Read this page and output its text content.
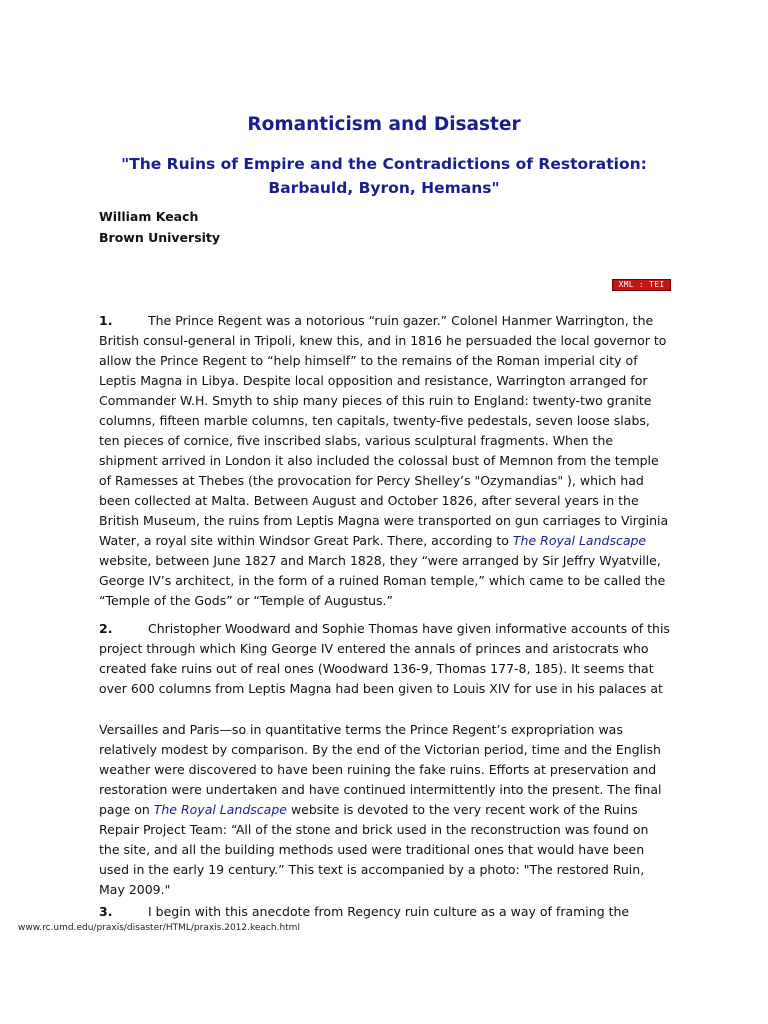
Romanticism and Disaster
"The Ruins of Empire and the Contradictions of Restoration:
Barbauld, Byron, Hemans"

William Keach

Brown University

XML : TEI
1.	The Prince Regent was a notorious “ruin gazer.” Colonel Hanmer Warrington, the
British consul-general in Tripoli, knew this, and in 1816 he persuaded the local governor to
allow the Prince Regent to “help himself” to the remains of the Roman imperial city of
Leptis Magna in Libya. Despite local opposition and resistance, Warrington arranged for
Commander W.H. Smyth to ship many pieces of this ruin to England: twenty-two granite
columns, fifteen marble columns, ten capitals, twenty-five pedestals, seven loose slabs,
ten pieces of cornice, five inscribed slabs, various sculptural fragments. When the
shipment arrived in London it also included the colossal bust of Memnon from the temple
of Ramesses at Thebes (the provocation for Percy Shelley’s "Ozymandias" ), which had
been collected at Malta. Between August and October 1826, after several years in the
British Museum, the ruins from Leptis Magna were transported on gun carriages to Virginia
Water, a royal site within Windsor Great Park. There, according to The Royal Landscape
website, between June 1827 and March 1828, they “were arranged by Sir Jeffry Wyatville,
George IV’s architect, in the form of a ruined Roman temple,” which came to be called the
“Temple of the Gods” or “Temple of Augustus.”
2.	Christopher Woodward and Sophie Thomas have given informative accounts of this
project through which King George IV entered the annals of princes and aristocrats who
created fake ruins out of real ones (Woodward 136-9, Thomas 177-8, 185). It seems that
over 600 columns from Leptis Magna had been given to Louis XIV for use in his palaces at
Versailles and Paris—so in quantitative terms the Prince Regent’s expropriation was
relatively modest by comparison. By the end of the Victorian period, time and the English
weather were discovered to have been ruining the fake ruins. Efforts at preservation and
restoration were undertaken and have continued intermittently into the present. The final
page on The Royal Landscape website is devoted to the very recent work of the Ruins
Repair Project Team: “All of the stone and brick used in the reconstruction was found on
the site, and all the building methods used were traditional ones that would have been
used in the early 19 century.” This text is accompanied by a photo: "The restored Ruin,
May 2009."
3.	I begin with this anecdote from Regency ruin culture as a way of framing the
www.rc.umd.edu/praxis/disaster/HTML/praxis.2012.keach.html
